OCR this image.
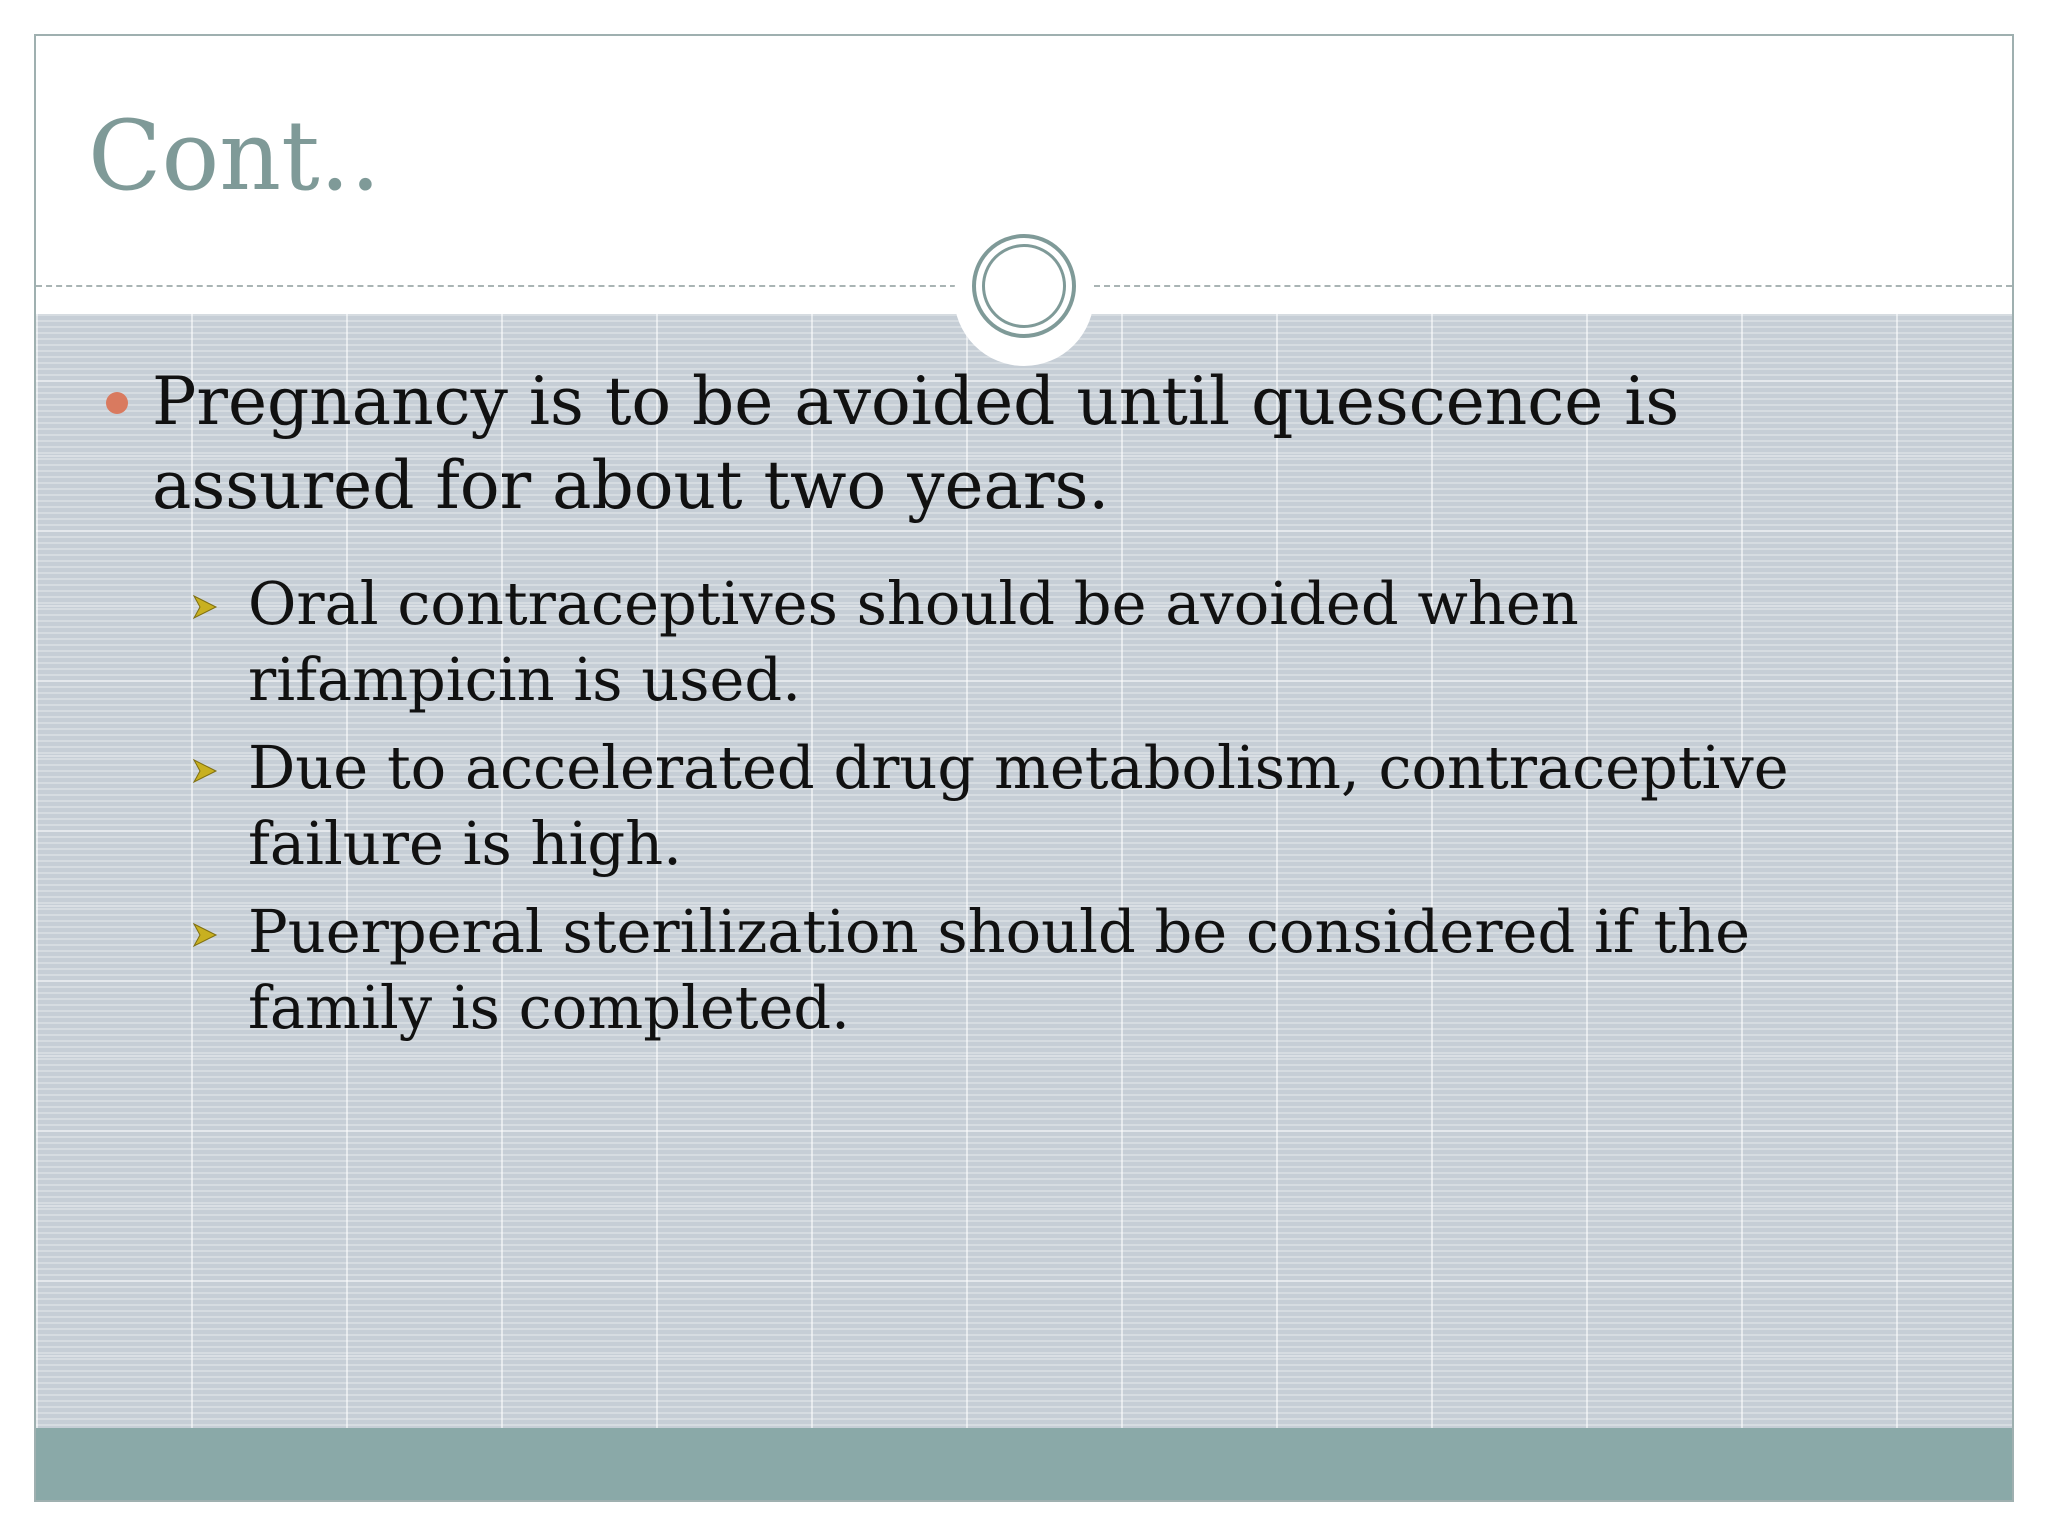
Cont..
Pregnancy is to be avoided until quescence is assured for about two years.
Oral contraceptives should be avoided when rifampicin is used.
Due to accelerated drug metabolism, contraceptive failure is high.
Puerperal sterilization should be considered if the family is completed.
